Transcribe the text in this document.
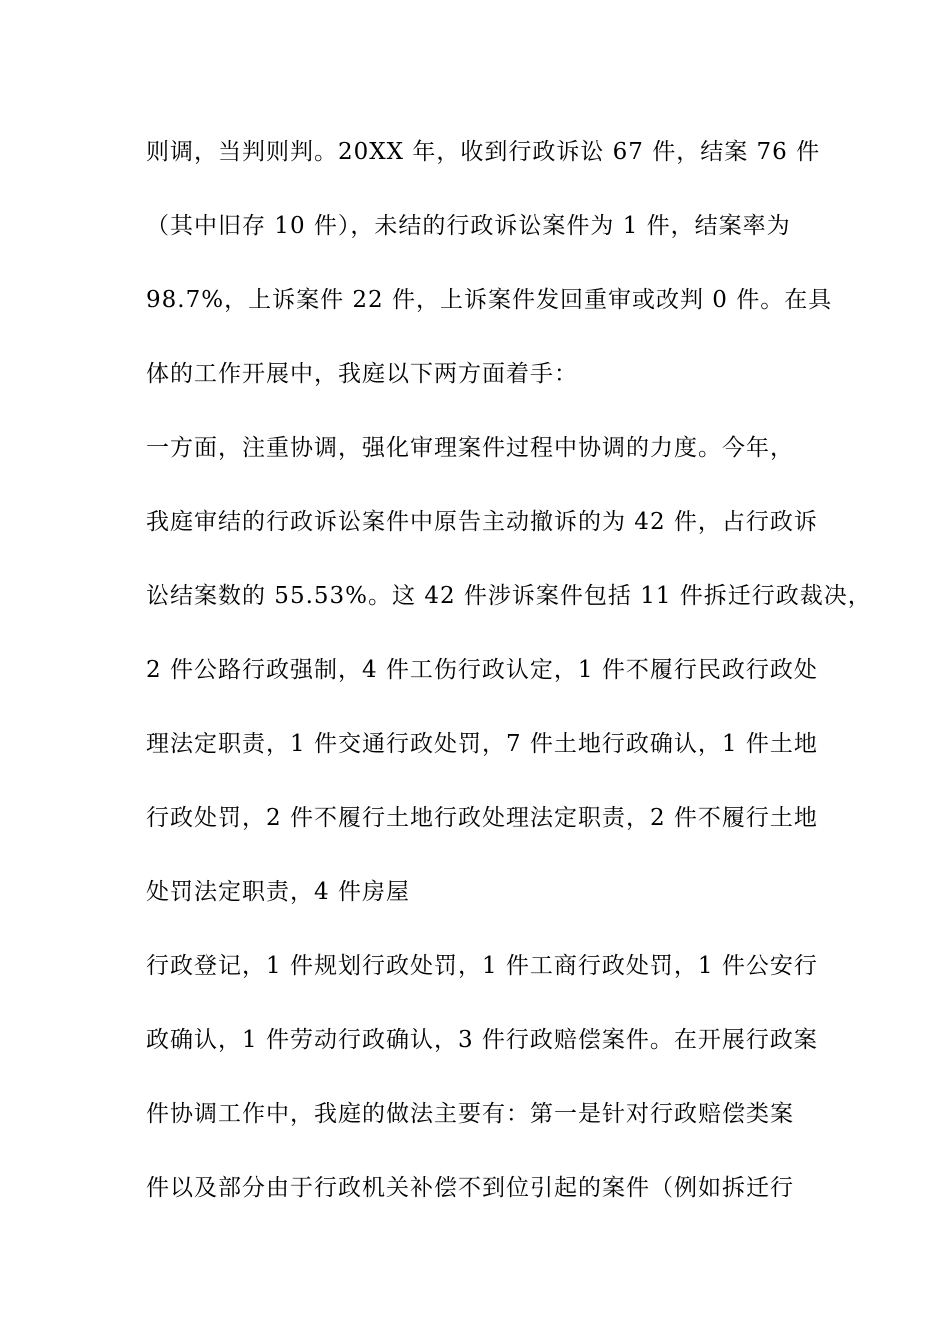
则调，当判则判。20XX 年，收到行政诉讼 67 件，结案 76 件
（其中旧存 10 件），未结的行政诉讼案件为 1 件，结案率为
98.7%，上诉案件 22 件，上诉案件发回重审或改判 0 件。在具
体的工作开展中，我庭以下两方面着手：
一方面，注重协调，强化审理案件过程中协调的力度。今年，
我庭审结的行政诉讼案件中原告主动撤诉的为 42 件，占行政诉
讼结案数的 55.53%。这 42 件涉诉案件包括 11 件拆迁行政裁决，
2 件公路行政强制，4 件工伤行政认定，1 件不履行民政行政处
理法定职责，1 件交通行政处罚，7 件土地行政确认，1 件土地
行政处罚，2 件不履行土地行政处理法定职责，2 件不履行土地
处罚法定职责，4 件房屋
行政登记，1 件规划行政处罚，1 件工商行政处罚，1 件公安行
政确认，1 件劳动行政确认，3 件行政赔偿案件。在开展行政案
件协调工作中，我庭的做法主要有：第一是针对行政赔偿类案
件以及部分由于行政机关补偿不到位引起的案件（例如拆迁行
